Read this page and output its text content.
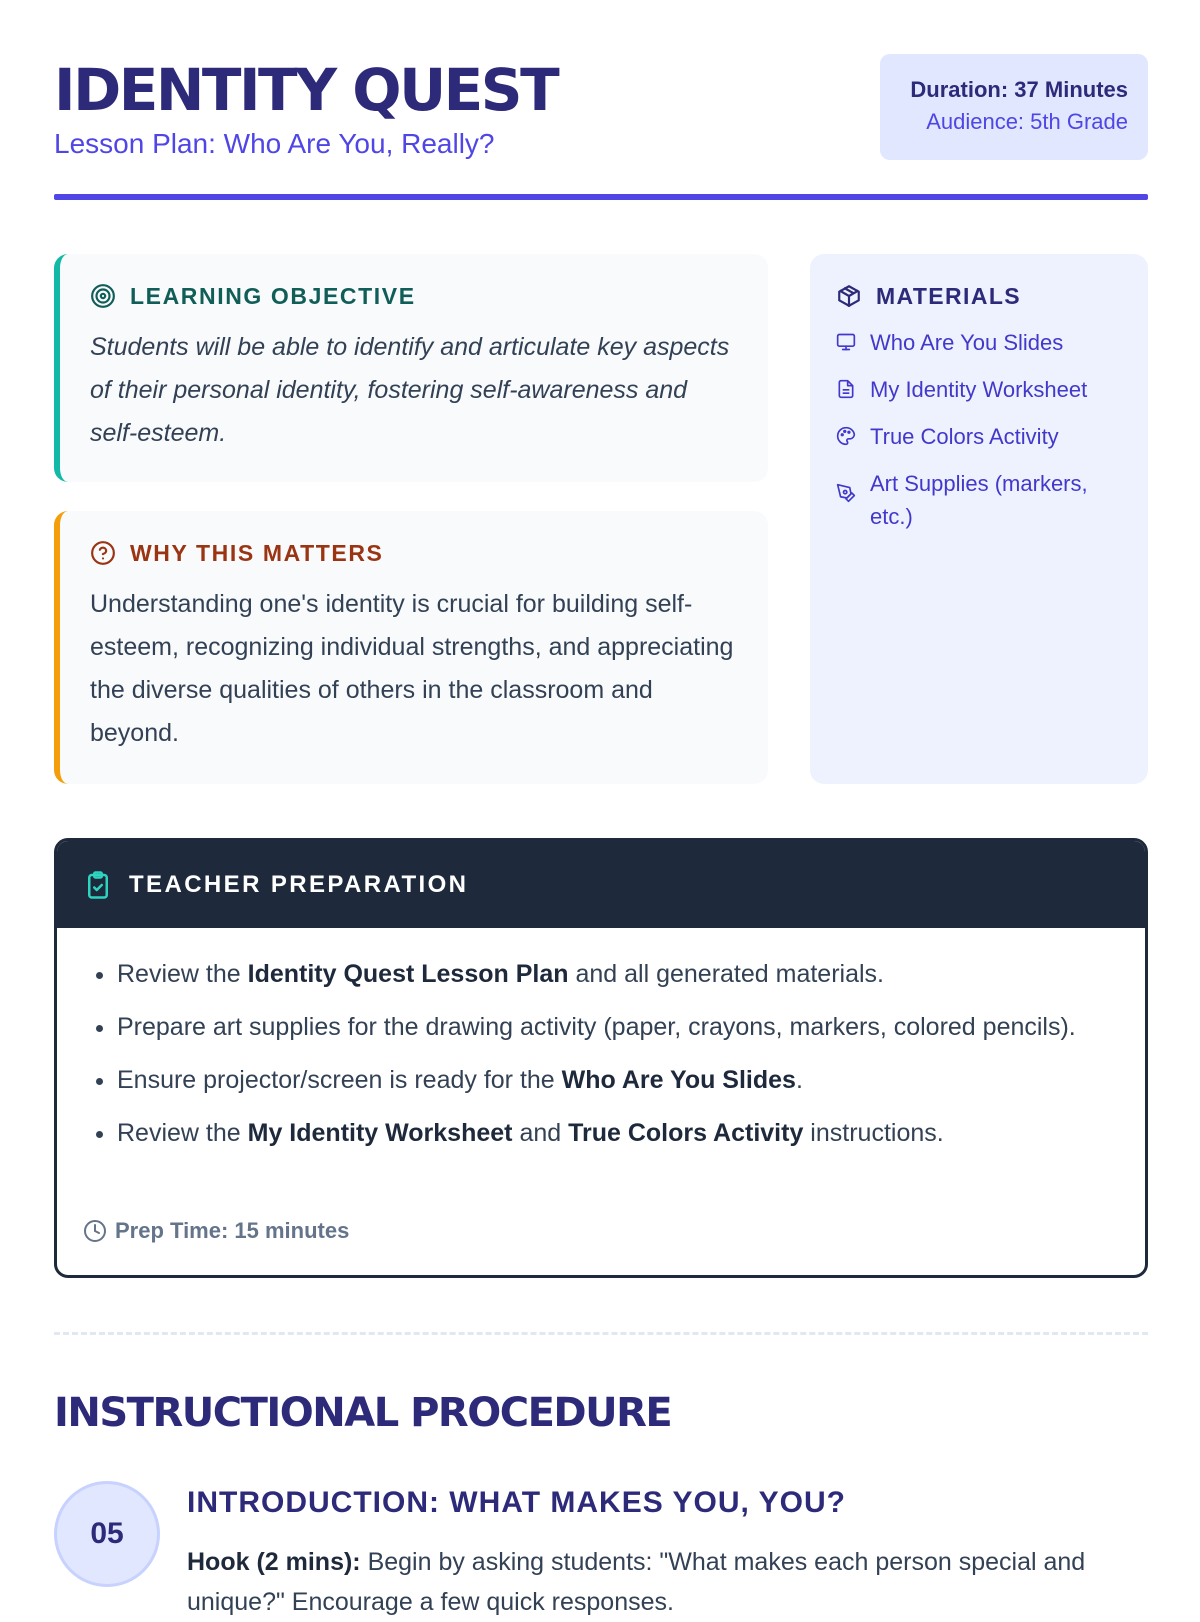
IDENTITY QUEST

Lesson Plan: Who Are You, Really?

Duration: 37 Minutes
Audience: 5th Grade
LEARNING OBJECTIVE

Students will be able to identify and articulate key aspects of their personal identity, fostering self-awareness and self-esteem.

WHY THIS MATTERS

Understanding one's identity is crucial for building self-esteem, recognizing individual strengths, and appreciating the diverse qualities of others in the classroom and beyond.

MATERIALS
Who Are You Slides
My Identity Worksheet
True Colors Activity
Art Supplies (markers, etc.)
TEACHER PREPARATION
• Review the Identity Quest Lesson Plan and all generated materials.
• Prepare art supplies for the drawing activity (paper, crayons, markers, colored pencils).
• Ensure projector/screen is ready for the Who Are You Slides.
• Review the My Identity Worksheet and True Colors Activity instructions.
Prep Time: 15 minutes
INSTRUCTIONAL PROCEDURE
05
INTRODUCTION: WHAT MAKES YOU, YOU?

Hook (2 mins): Begin by asking students: "What makes each person special and unique?" Encourage a few quick responses.
